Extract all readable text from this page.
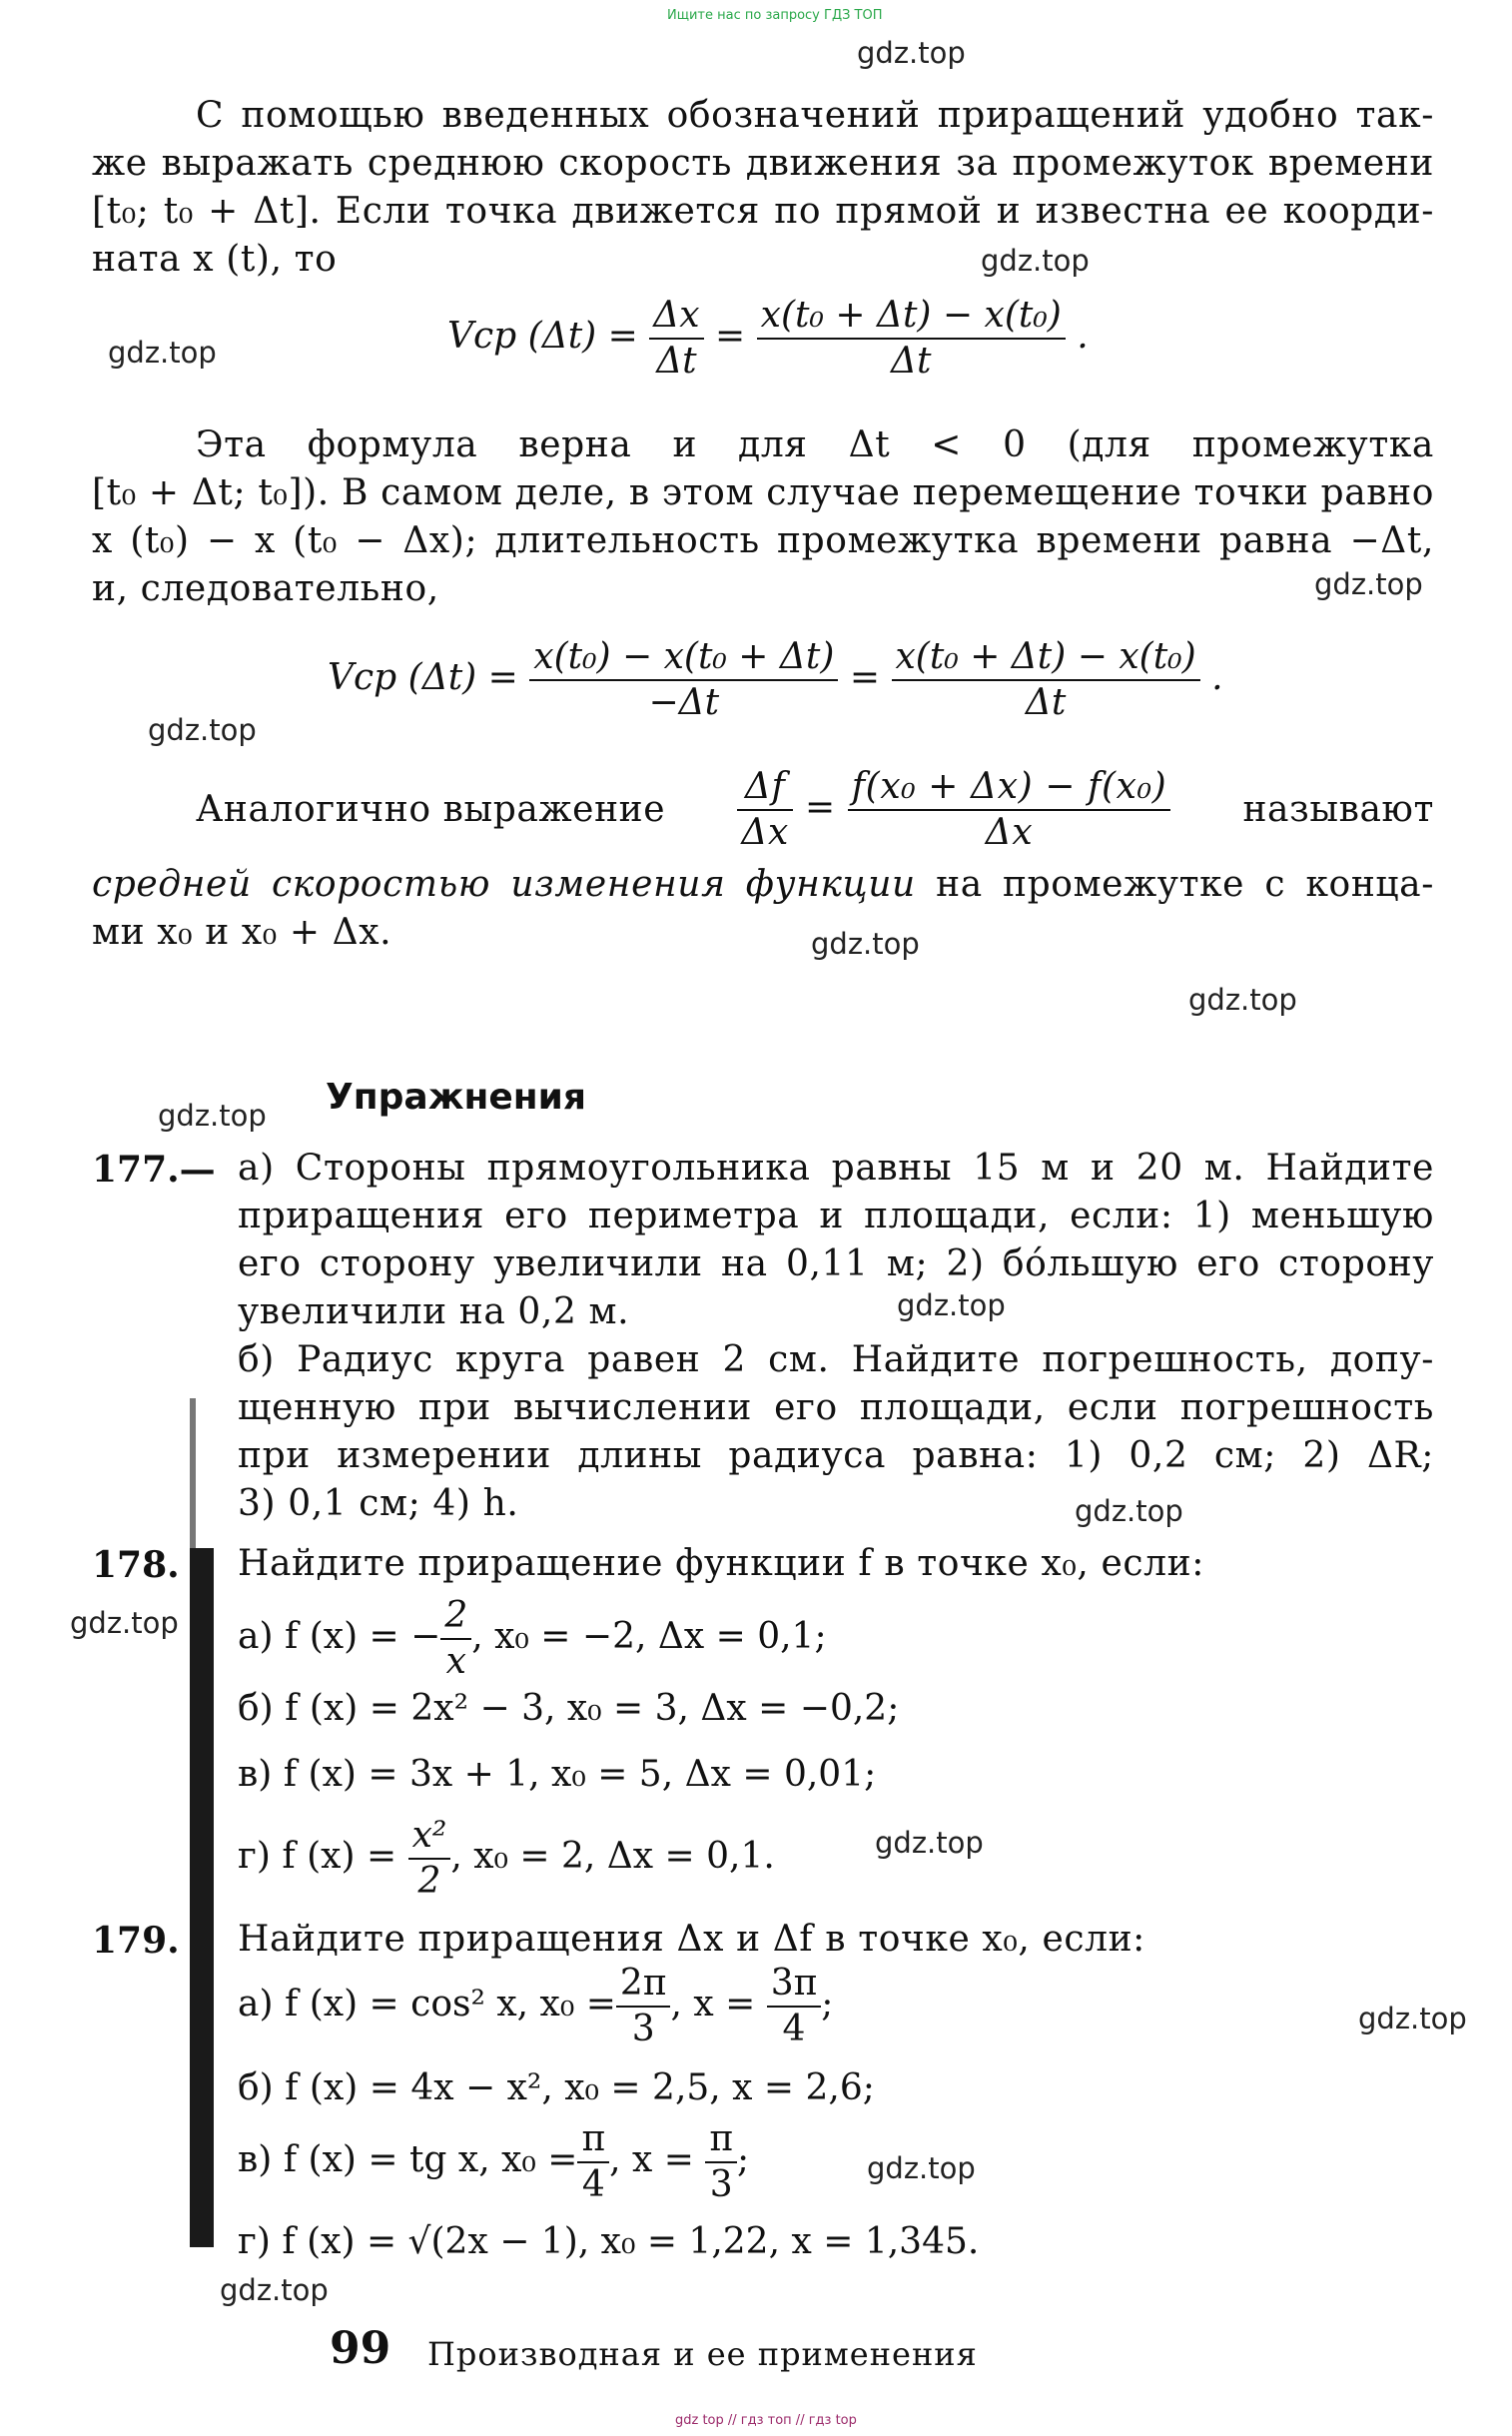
Ищите нас по запросу ГДЗ ТОП
gdz top // гдз топ // гдз top
gdz.top
gdz.top
gdz.top
gdz.top
gdz.top
gdz.top
gdz.top
gdz.top
gdz.top
gdz.top
gdz.top
gdz.top
gdz.top
gdz.top
gdz.top
С помощью введенных обозначений приращений удобно так-
же выражать среднюю скорость движения за промежуток времени
[t₀; t₀ + Δt]. Если точка движется по прямой и известна ее коорди-
ната x (t), то
Vср $(\Delta t) = \frac{\Delta x}{\Delta t} = \frac{\text{x(t₀ + Δt) − x(t₀)}}{\Delta t}$ .
Эта формула верна и для Δt < 0 (для промежутка
[t₀ + Δt; t₀]). В самом деле, в этом случае перемещение точки равно
x (t₀) − x (t₀ − Δx); длительность промежутка времени равна −Δt,
и, следовательно,
Vср $(\Delta t) = \frac{\text{x(t₀) − x(t₀ + Δt)}}{-\Delta t} = \frac{\text{x(t₀ + Δt) − x(t₀)}}{\Delta t}$ .
Аналогично выражение $\frac{\Delta f}{\Delta x} = \frac{\text{f(x₀ + Δx) − f(x₀)}}{\Delta x}$ называют
средней скоростью изменения функции на промежутке с конца-
ми x₀ и x₀ + Δx.
Упражнения
177.— а) Стороны прямоугольника равны 15 м и 20 м. Найдите
приращения его периметра и площади, если: 1) меньшую
его сторону увеличили на 0,11 м; 2) бо́льшую его сторону
увеличили на 0,2 м.
б) Радиус круга равен 2 см. Найдите погрешность, допу-
щенную при вычислении его площади, если погрешность
при измерении длины радиуса равна: 1) 0,2 см; 2) ΔR;
3) 0,1 см; 4) h.
178. Найдите приращение функции f в точке x₀, если:
а) f (x) = − $\frac{2}{x}$ , x₀ = −2, Δx = 0,1;
б) f (x) = 2x² − 3, x₀ = 3, Δx = −0,2;
в) f (x) = 3x + 1, x₀ = 5, Δx = 0,01;
г) f $(x) = \frac{\text{x²}}{2}$ , x₀ = 2, Δx = 0,1.
179. Найдите приращения Δx и Δf в точке x₀, если:
а) f (x) = cos² x, $x_0 = \frac{2\pi}{3}$ , $x = \frac{3\pi}{4}$ ;
б) f (x) = 4x − x², x₀ = 2,5, x = 2,6;
в) f (x) = tg x, $x_0 = \frac{\pi}{4}$ , $x = \frac{\pi}{3}$ ;
г) f (x) = √(2x − 1), x₀ = 1,22, x = 1,345.
99 Производная и ее применения
